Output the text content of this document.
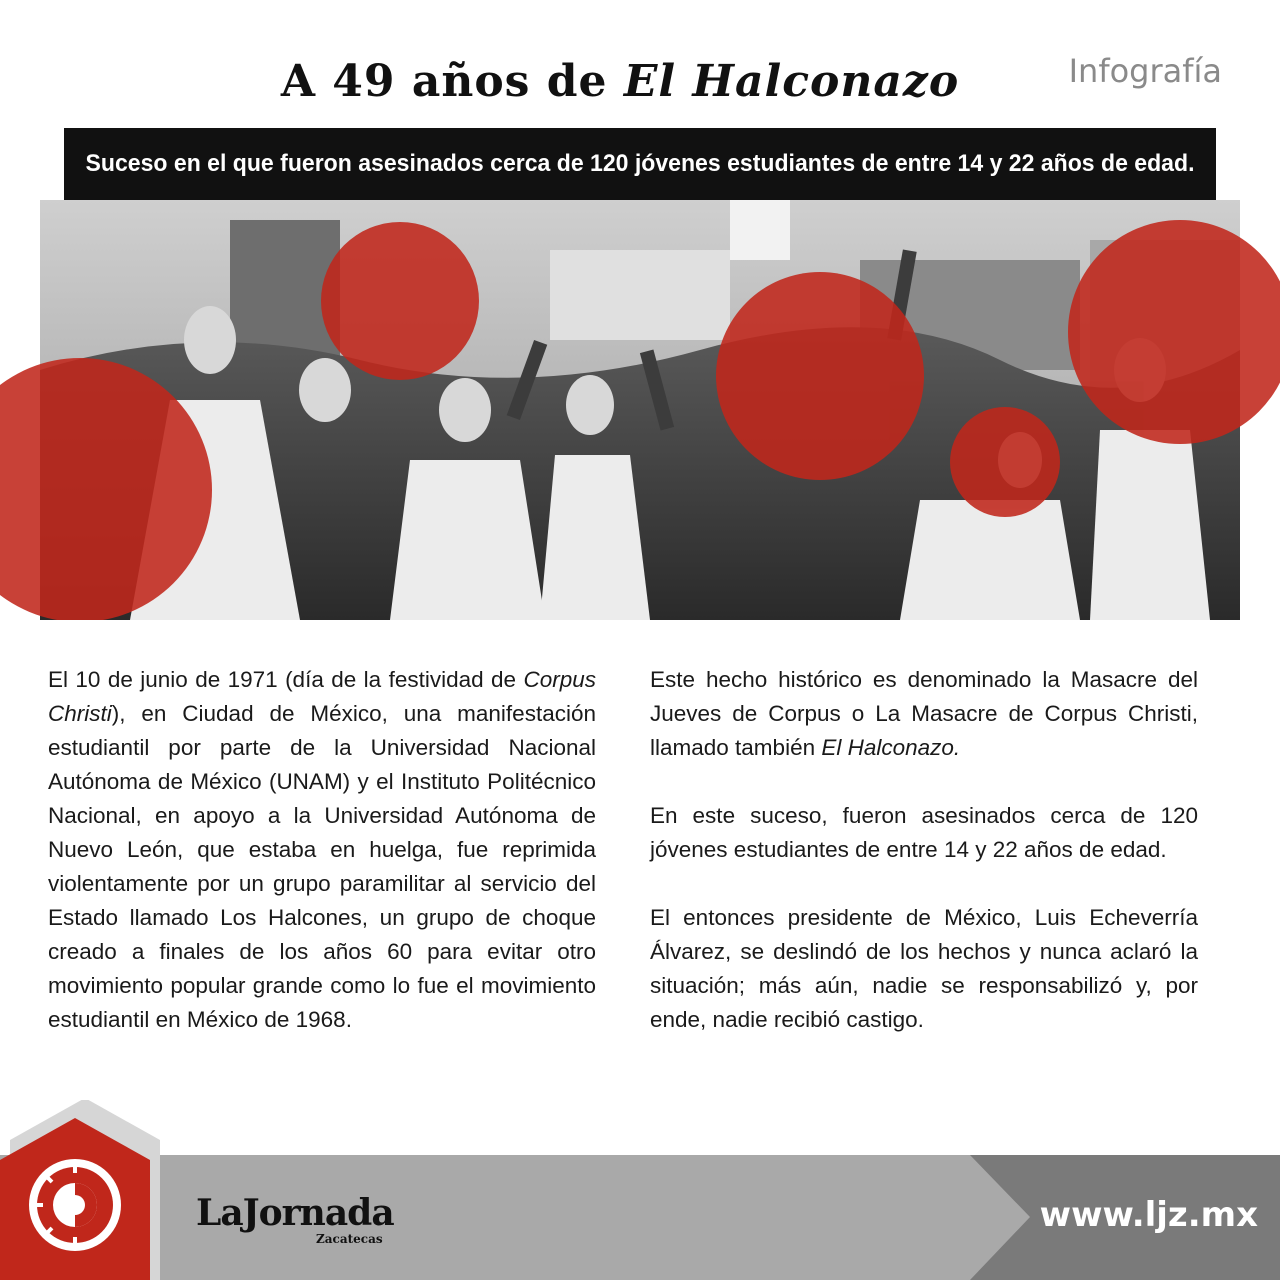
A 49 años de El Halconazo	Infografía
Suceso en el que fueron asesinados cerca de 120 jóvenes estudiantes de entre 14 y 22 años de edad.

El 10 de junio de 1971 (día de la festividad de Corpus Christi), en Ciudad de México, una manifestación estudiantil por parte de la Universidad Nacional Autónoma de México (UNAM) y el Instituto Politécnico Nacional, en apoyo a la Universidad Autónoma de Nuevo León, que estaba en huelga, fue reprimida violentamente por un grupo paramilitar al servicio del Estado llamado Los Halcones, un grupo de choque creado a finales de los años 60 para evitar otro movimiento popular grande como lo fue el movimiento estudiantil en México de 1968.

Este hecho histórico es denominado la Masacre del Jueves de Corpus o La Masacre de Corpus Christi, llamado también El Halconazo.

En este suceso, fueron asesinados cerca de 120 jóvenes estudiantes de entre 14 y 22 años de edad.

El entonces presidente de México, Luis Echeverría Álvarez, se deslindó de los hechos y nunca aclaró la situación; más aún, nadie se responsabilizó y, por ende, nadie recibió castigo.

LaJornada
Zacatecas
www.ljz.mx
